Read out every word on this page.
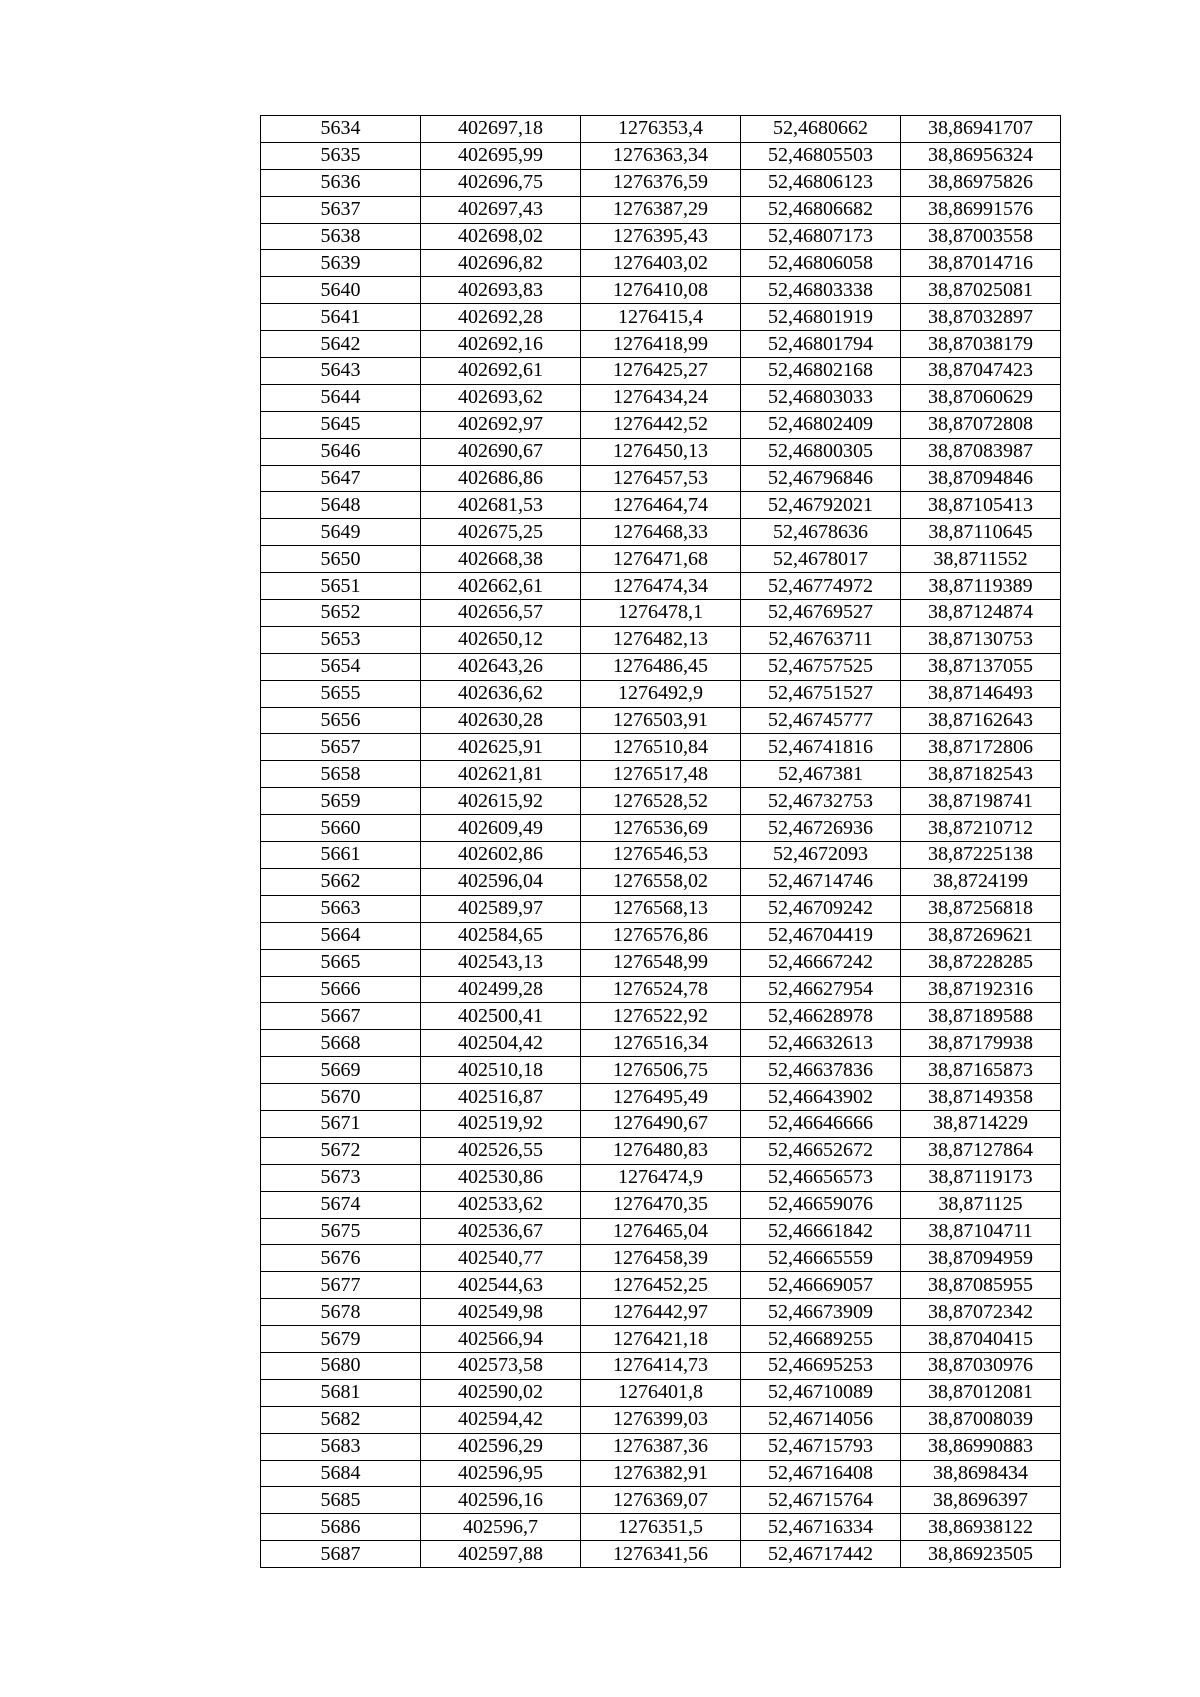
5634	402697,18	1276353,4	52,4680662	38,86941707
5635	402695,99	1276363,34	52,46805503	38,86956324
5636	402696,75	1276376,59	52,46806123	38,86975826
5637	402697,43	1276387,29	52,46806682	38,86991576
5638	402698,02	1276395,43	52,46807173	38,87003558
5639	402696,82	1276403,02	52,46806058	38,87014716
5640	402693,83	1276410,08	52,46803338	38,87025081
5641	402692,28	1276415,4	52,46801919	38,87032897
5642	402692,16	1276418,99	52,46801794	38,87038179
5643	402692,61	1276425,27	52,46802168	38,87047423
5644	402693,62	1276434,24	52,46803033	38,87060629
5645	402692,97	1276442,52	52,46802409	38,87072808
5646	402690,67	1276450,13	52,46800305	38,87083987
5647	402686,86	1276457,53	52,46796846	38,87094846
5648	402681,53	1276464,74	52,46792021	38,87105413
5649	402675,25	1276468,33	52,4678636	38,87110645
5650	402668,38	1276471,68	52,4678017	38,8711552
5651	402662,61	1276474,34	52,46774972	38,87119389
5652	402656,57	1276478,1	52,46769527	38,87124874
5653	402650,12	1276482,13	52,46763711	38,87130753
5654	402643,26	1276486,45	52,46757525	38,87137055
5655	402636,62	1276492,9	52,46751527	38,87146493
5656	402630,28	1276503,91	52,46745777	38,87162643
5657	402625,91	1276510,84	52,46741816	38,87172806
5658	402621,81	1276517,48	52,467381	38,87182543
5659	402615,92	1276528,52	52,46732753	38,87198741
5660	402609,49	1276536,69	52,46726936	38,87210712
5661	402602,86	1276546,53	52,4672093	38,87225138
5662	402596,04	1276558,02	52,46714746	38,8724199
5663	402589,97	1276568,13	52,46709242	38,87256818
5664	402584,65	1276576,86	52,46704419	38,87269621
5665	402543,13	1276548,99	52,46667242	38,87228285
5666	402499,28	1276524,78	52,46627954	38,87192316
5667	402500,41	1276522,92	52,46628978	38,87189588
5668	402504,42	1276516,34	52,46632613	38,87179938
5669	402510,18	1276506,75	52,46637836	38,87165873
5670	402516,87	1276495,49	52,46643902	38,87149358
5671	402519,92	1276490,67	52,46646666	38,8714229
5672	402526,55	1276480,83	52,46652672	38,87127864
5673	402530,86	1276474,9	52,46656573	38,87119173
5674	402533,62	1276470,35	52,46659076	38,871125
5675	402536,67	1276465,04	52,46661842	38,87104711
5676	402540,77	1276458,39	52,46665559	38,87094959
5677	402544,63	1276452,25	52,46669057	38,87085955
5678	402549,98	1276442,97	52,46673909	38,87072342
5679	402566,94	1276421,18	52,46689255	38,87040415
5680	402573,58	1276414,73	52,46695253	38,87030976
5681	402590,02	1276401,8	52,46710089	38,87012081
5682	402594,42	1276399,03	52,46714056	38,87008039
5683	402596,29	1276387,36	52,46715793	38,86990883
5684	402596,95	1276382,91	52,46716408	38,8698434
5685	402596,16	1276369,07	52,46715764	38,8696397
5686	402596,7	1276351,5	52,46716334	38,86938122
5687	402597,88	1276341,56	52,46717442	38,86923505
